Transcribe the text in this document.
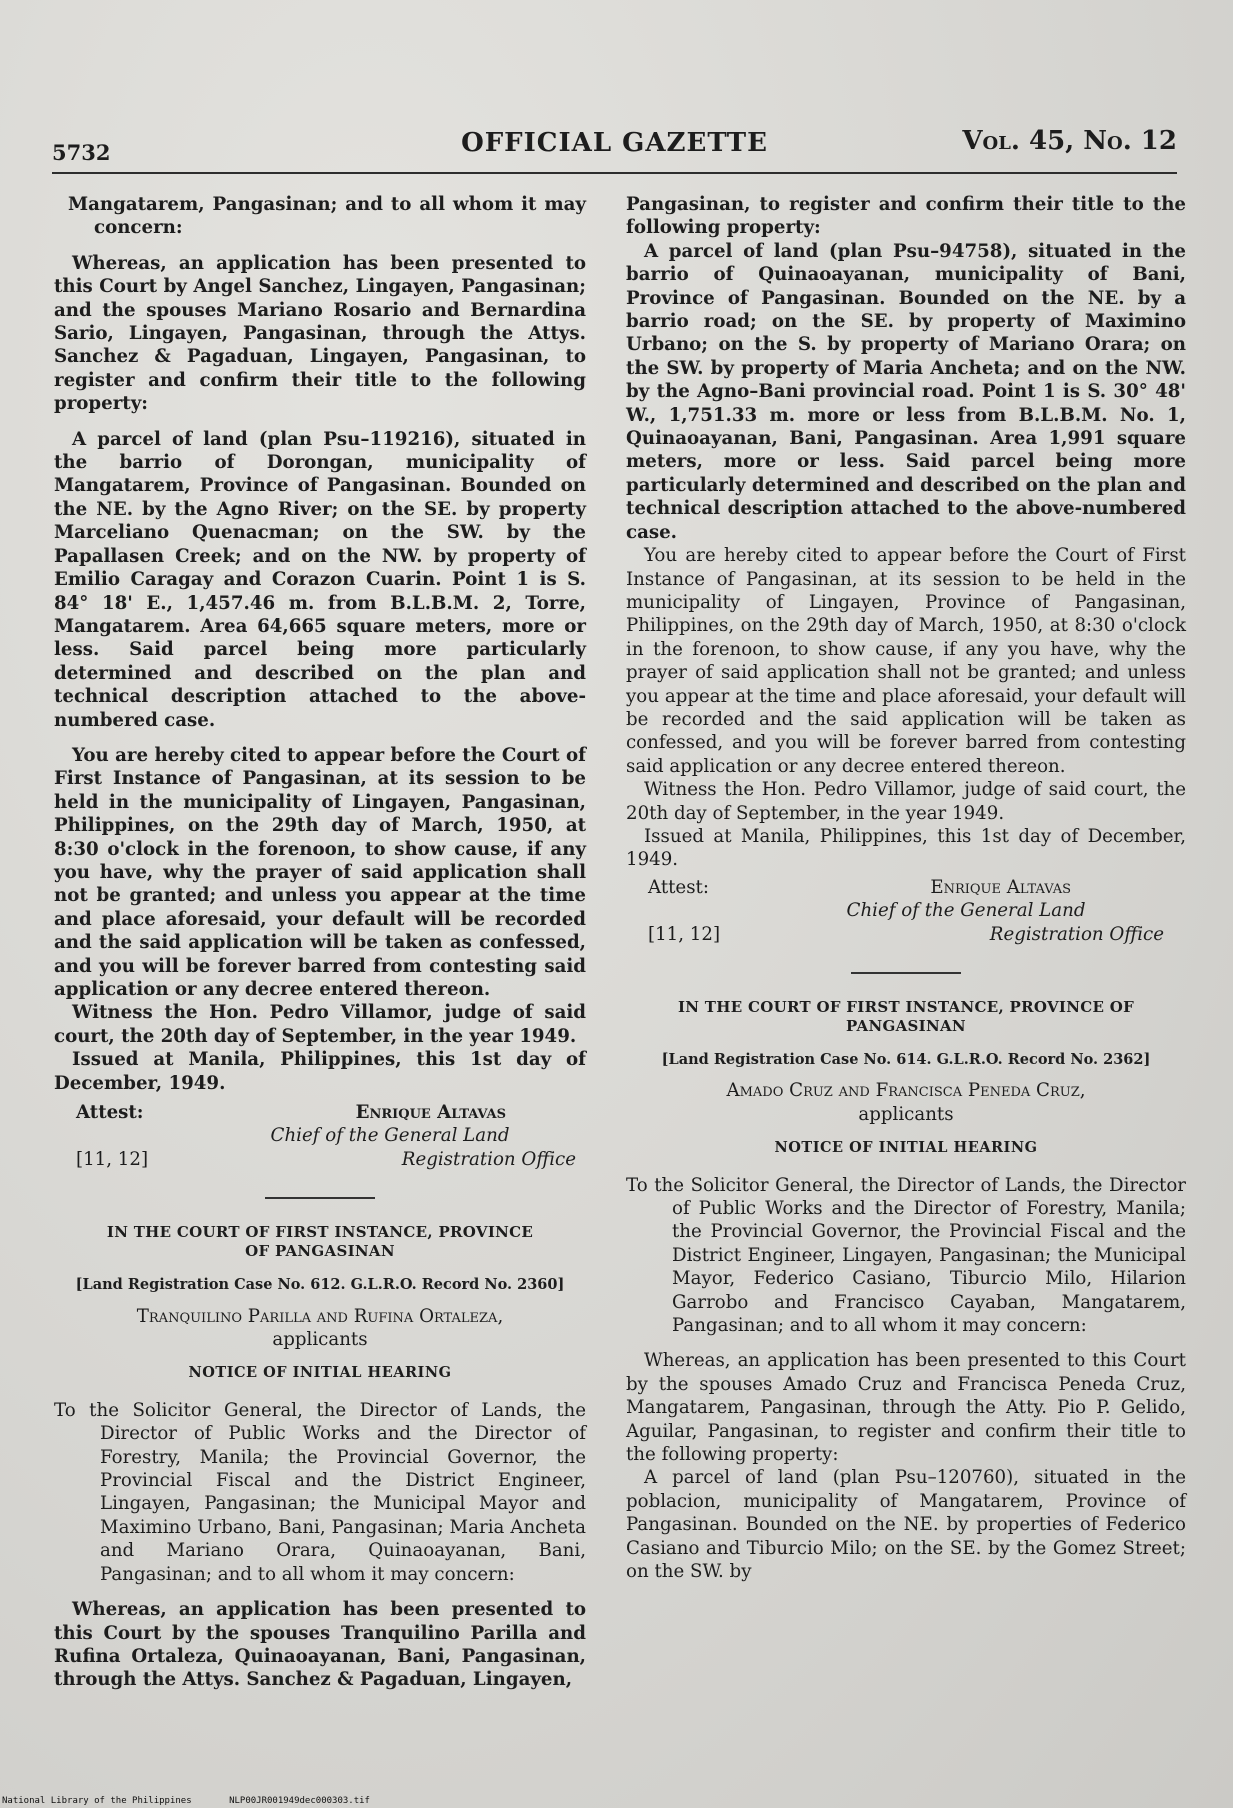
5732	OFFICIAL GAZETTE	Vol. 45, No. 12

Mangatarem, Pangasinan; and to all whom it may concern:

Whereas, an application has been presented to this Court by Angel Sanchez, Lingayen, Pangasinan; and the spouses Mariano Rosario and Bernardina Sario, Lingayen, Pangasinan, through the Attys. Sanchez & Pagaduan, Lingayen, Pangasinan, to register and confirm their title to the following property:

A parcel of land (plan Psu–119216), situated in the barrio of Dorongan, municipality of Mangatarem, Province of Pangasinan. Bounded on the NE. by the Agno River; on the SE. by property Marceliano Quenacman; on the SW. by the Papallasen Creek; and on the NW. by property of Emilio Caragay and Corazon Cuarin. Point 1 is S. 84° 18' E., 1,457.46 m. from B.L.B.M. 2, Torre, Mangatarem. Area 64,665 square meters, more or less. Said parcel being more particularly determined and described on the plan and technical description attached to the above-numbered case.

You are hereby cited to appear before the Court of First Instance of Pangasinan, at its session to be held in the municipality of Lingayen, Pangasinan, Philippines, on the 29th day of March, 1950, at 8:30 o'clock in the forenoon, to show cause, if any you have, why the prayer of said application shall not be granted; and unless you appear at the time and place aforesaid, your default will be recorded and the said application will be taken as confessed, and you will be forever barred from contesting said application or any decree entered thereon.

Witness the Hon. Pedro Villamor, judge of said court, the 20th day of September, in the year 1949.

Issued at Manila, Philippines, this 1st day of December, 1949.

Attest:	Enrique Altavas
Chief of the General Land
[11, 12]	Registration Office
IN THE COURT OF FIRST INSTANCE, PROVINCE OF PANGASINAN
[Land Registration Case No. 612. G.L.R.O. Record No. 2360]
Tranquilino Parilla and Rufina Ortaleza,
applicants
NOTICE OF INITIAL HEARING

To the Solicitor General, the Director of Lands, the Director of Public Works and the Director of Forestry, Manila; the Provincial Governor, the Provincial Fiscal and the District Engineer, Lingayen, Pangasinan; the Municipal Mayor and Maximino Urbano, Bani, Pangasinan; Maria Ancheta and Mariano Orara, Quinaoayanan, Bani, Pangasinan; and to all whom it may concern:

Whereas, an application has been presented to this Court by the spouses Tranquilino Parilla and Rufina Ortaleza, Quinaoayanan, Bani, Pangasinan, through the Attys. Sanchez & Pagaduan, Lingayen,

Pangasinan, to register and confirm their title to the following property:

A parcel of land (plan Psu–94758), situated in the barrio of Quinaoayanan, municipality of Bani, Province of Pangasinan. Bounded on the NE. by a barrio road; on the SE. by property of Maximino Urbano; on the S. by property of Mariano Orara; on the SW. by property of Maria Ancheta; and on the NW. by the Agno–Bani provincial road. Point 1 is S. 30° 48' W., 1,751.33 m. more or less from B.L.B.M. No. 1, Quinaoayanan, Bani, Pangasinan. Area 1,991 square meters, more or less. Said parcel being more particularly determined and described on the plan and technical description attached to the above-numbered case.

You are hereby cited to appear before the Court of First Instance of Pangasinan, at its session to be held in the municipality of Lingayen, Province of Pangasinan, Philippines, on the 29th day of March, 1950, at 8:30 o'clock in the forenoon, to show cause, if any you have, why the prayer of said application shall not be granted; and unless you appear at the time and place aforesaid, your default will be recorded and the said application will be taken as confessed, and you will be forever barred from contesting said application or any decree entered thereon.

Witness the Hon. Pedro Villamor, judge of said court, the 20th day of September, in the year 1949.

Issued at Manila, Philippines, this 1st day of December, 1949.

Attest:	Enrique Altavas
Chief of the General Land
[11, 12]	Registration Office
IN THE COURT OF FIRST INSTANCE, PROVINCE OF PANGASINAN
[Land Registration Case No. 614. G.L.R.O. Record No. 2362]
Amado Cruz and Francisca Peneda Cruz,
applicants
NOTICE OF INITIAL HEARING

To the Solicitor General, the Director of Lands, the Director of Public Works and the Director of Forestry, Manila; the Provincial Governor, the Provincial Fiscal and the District Engineer, Lingayen, Pangasinan; the Municipal Mayor, Federico Casiano, Tiburcio Milo, Hilarion Garrobo and Francisco Cayaban, Mangatarem, Pangasinan; and to all whom it may concern:

Whereas, an application has been presented to this Court by the spouses Amado Cruz and Francisca Peneda Cruz, Mangatarem, Pangasinan, through the Atty. Pio P. Gelido, Aguilar, Pangasinan, to register and confirm their title to the following property:

A parcel of land (plan Psu–120760), situated in the poblacion, municipality of Mangatarem, Province of Pangasinan. Bounded on the NE. by properties of Federico Casiano and Tiburcio Milo; on the SE. by the Gomez Street; on the SW. by

National Library of the Philippines	NLP00JR001949dec000303.tif
